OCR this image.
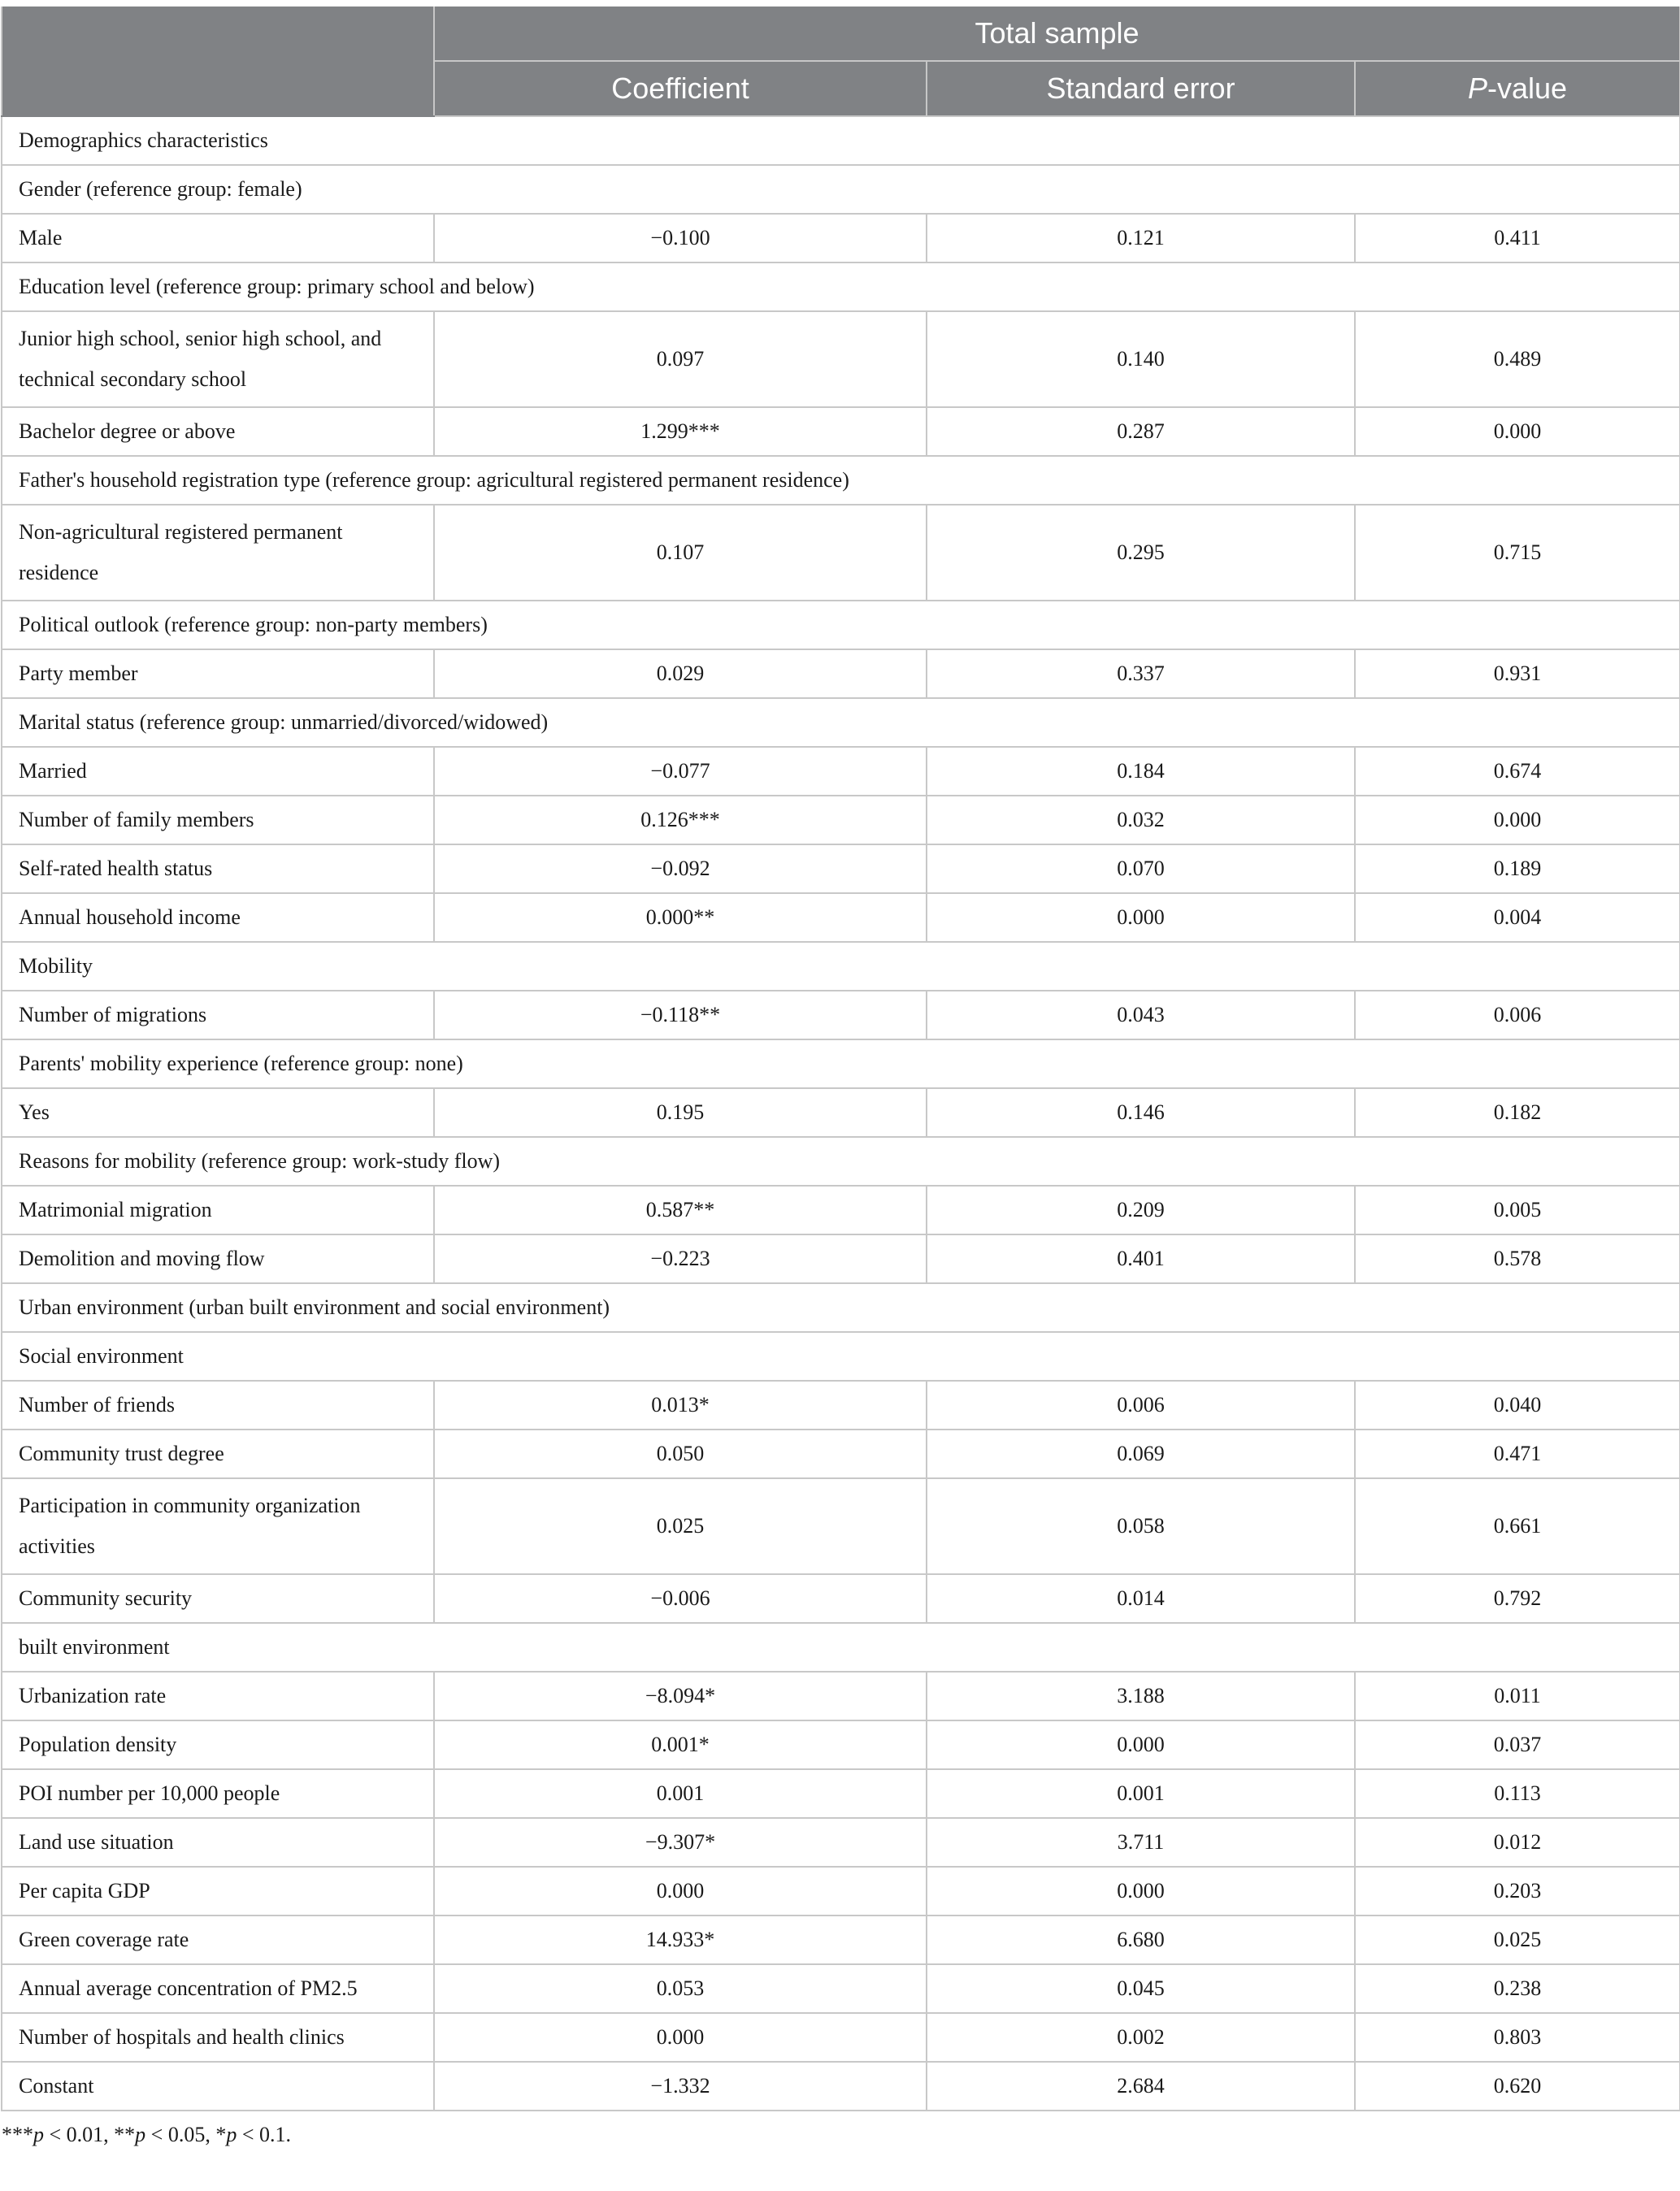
	Total sample		
	Coefficient	Standard error	P-value
Demographics characteristics			
Gender (reference group: female)			
Male	−0.100	0.121	0.411
Education level (reference group: primary school and below)			
Junior high school, senior high school, and technical secondary school	0.097	0.140	0.489
Bachelor degree or above	1.299***	0.287	0.000
Father's household registration type (reference group: agricultural registered permanent residence)			
Non-agricultural registered permanent residence	0.107	0.295	0.715
Political outlook (reference group: non-party members)			
Party member	0.029	0.337	0.931
Marital status (reference group: unmarried/divorced/widowed)			
Married	−0.077	0.184	0.674
Number of family members	0.126***	0.032	0.000
Self-rated health status	−0.092	0.070	0.189
Annual household income	0.000**	0.000	0.004
Mobility			
Number of migrations	−0.118**	0.043	0.006
Parents' mobility experience (reference group: none)			
Yes	0.195	0.146	0.182
Reasons for mobility (reference group: work-study flow)			
Matrimonial migration	0.587**	0.209	0.005
Demolition and moving flow	−0.223	0.401	0.578
Urban environment (urban built environment and social environment)			
Social environment			
Number of friends	0.013*	0.006	0.040
Community trust degree	0.050	0.069	0.471
Participation in community organization activities	0.025	0.058	0.661
Community security	−0.006	0.014	0.792
built environment			
Urbanization rate	−8.094*	3.188	0.011
Population density	0.001*	0.000	0.037
POI number per 10,000 people	0.001	0.001	0.113
Land use situation	−9.307*	3.711	0.012
Per capita GDP	0.000	0.000	0.203
Green coverage rate	14.933*	6.680	0.025
Annual average concentration of PM2.5	0.053	0.045	0.238
Number of hospitals and health clinics	0.000	0.002	0.803
Constant	−1.332	2.684	0.620
***p < 0.01, **p < 0.05, *p < 0.1.
